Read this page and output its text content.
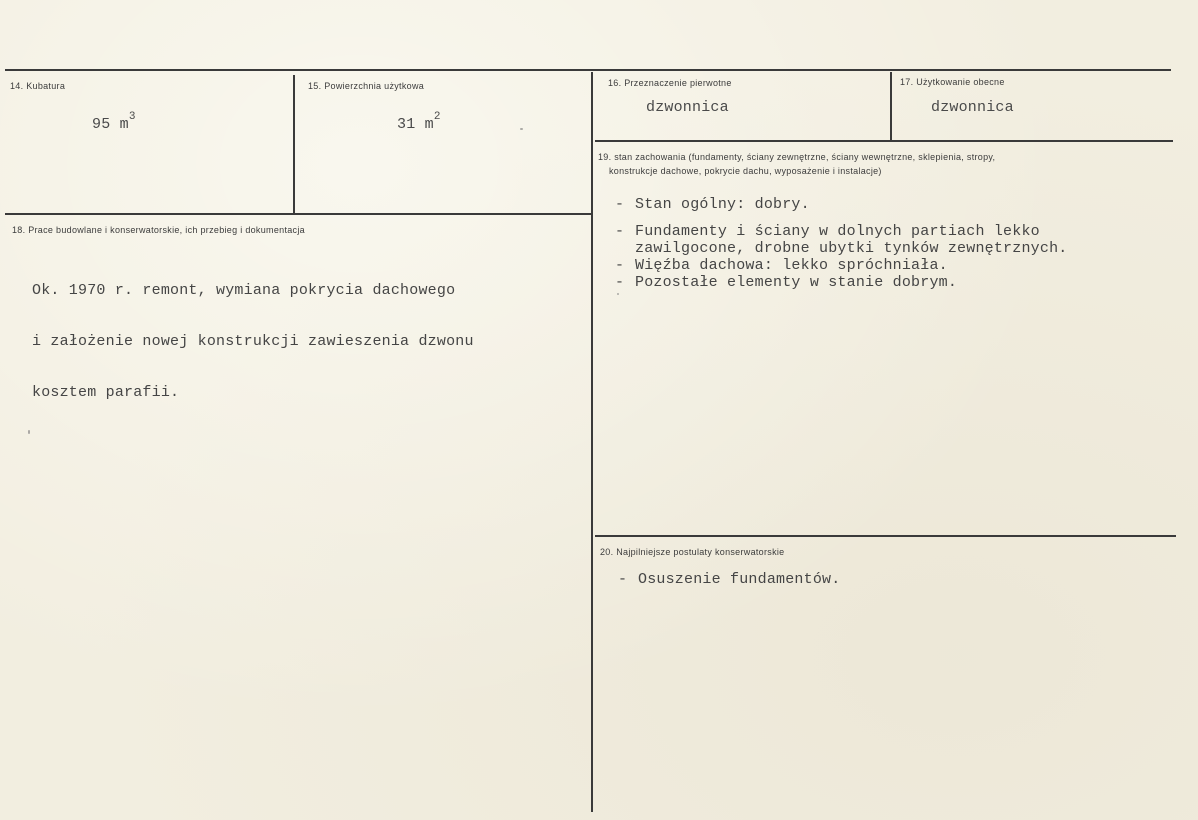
14. Kubatura
95 $m^3$
15. Powierzchnia użytkowa
31 $m^2$
16. Przeznaczenie pierwotne
dzwonnica
17. Użytkowanie obecne
dzwonnica
18. Prace budowlane i konserwatorskie, ich przebieg i dokumentacja

Ok. 1970 r. remont, wymiana pokrycia dachowego

i założenie nowej konstrukcji zawieszenia dzwonu

kosztem parafii.

19. stan zachowania (fundamenty, ściany zewnętrzne, ściany wewnętrzne, sklepienia, stropy,
konstrukcje dachowe, pokrycie dachu, wyposażenie i instalacje)
- Stan ogólny: dobry.
- Fundamenty i ściany w dolnych partiach lekko
zawilgocone, drobne ubytki tynków zewnętrznych.
- Więźba dachowa: lekko spróchniała.
- Pozostałe elementy w stanie dobrym.
20. Najpilniejsze postulaty konserwatorskie
- Osuszenie fundamentów.
